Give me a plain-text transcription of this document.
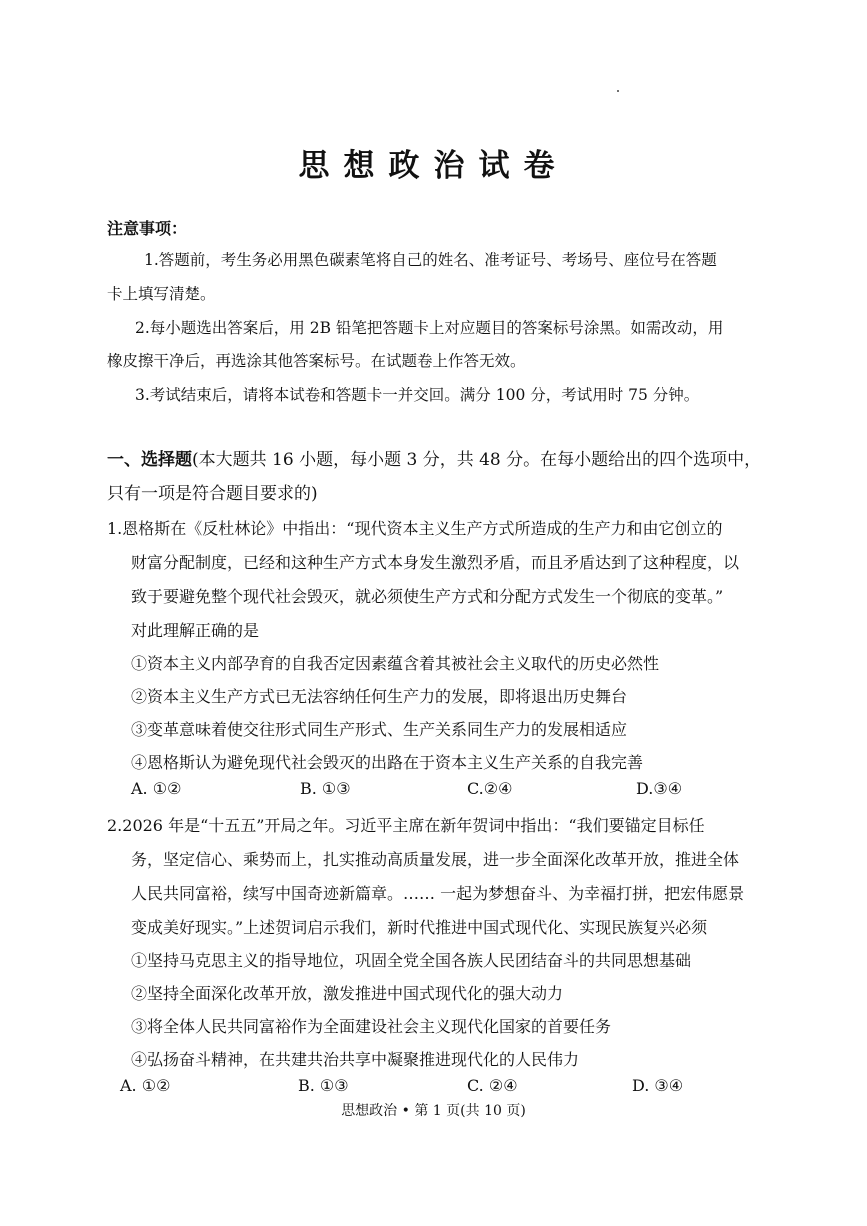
思想政治试卷
注意事项：
1.答题前，考生务必用黑色碳素笔将自己的姓名、准考证号、考场号、座位号在答题
卡上填写清楚。
2.每小题选出答案后，用 2B 铅笔把答题卡上对应题目的答案标号涂黑。如需改动，用
橡皮擦干净后，再选涂其他答案标号。在试题卷上作答无效。
3.考试结束后，请将本试卷和答题卡一并交回。满分 100 分，考试用时 75 分钟。
一、选择题(本大题共 16 小题，每小题 3 分，共 48 分。在每小题给出的四个选项中，
只有一项是符合题目要求的)
1.恩格斯在《反杜林论》中指出：“现代资本主义生产方式所造成的生产力和由它创立的
财富分配制度，已经和这种生产方式本身发生激烈矛盾，而且矛盾达到了这种程度，以
致于要避免整个现代社会毁灭，就必须使生产方式和分配方式发生一个彻底的变革。”
对此理解正确的是
①资本主义内部孕育的自我否定因素蕴含着其被社会主义取代的历史必然性
②资本主义生产方式已无法容纳任何生产力的发展，即将退出历史舞台
③变革意味着使交往形式同生产形式、生产关系同生产力的发展相适应
④恩格斯认为避免现代社会毁灭的出路在于资本主义生产关系的自我完善
A. ①②	B. ①③	C.②④	D.③④
2.2026 年是“十五五”开局之年。习近平主席在新年贺词中指出：“我们要锚定目标任
务，坚定信心、乘势而上，扎实推动高质量发展，进一步全面深化改革开放，推进全体
人民共同富裕，续写中国奇迹新篇章。…… 一起为梦想奋斗、为幸福打拼，把宏伟愿景
变成美好现实。”上述贺词启示我们，新时代推进中国式现代化、实现民族复兴必须
①坚持马克思主义的指导地位，巩固全党全国各族人民团结奋斗的共同思想基础
②坚持全面深化改革开放，激发推进中国式现代化的强大动力
③将全体人民共同富裕作为全面建设社会主义现代化国家的首要任务
④弘扬奋斗精神，在共建共治共享中凝聚推进现代化的人民伟力
A. ①②	B. ①③	C. ②④	D. ③④
思想政治 • 第 1 页(共 10 页)
